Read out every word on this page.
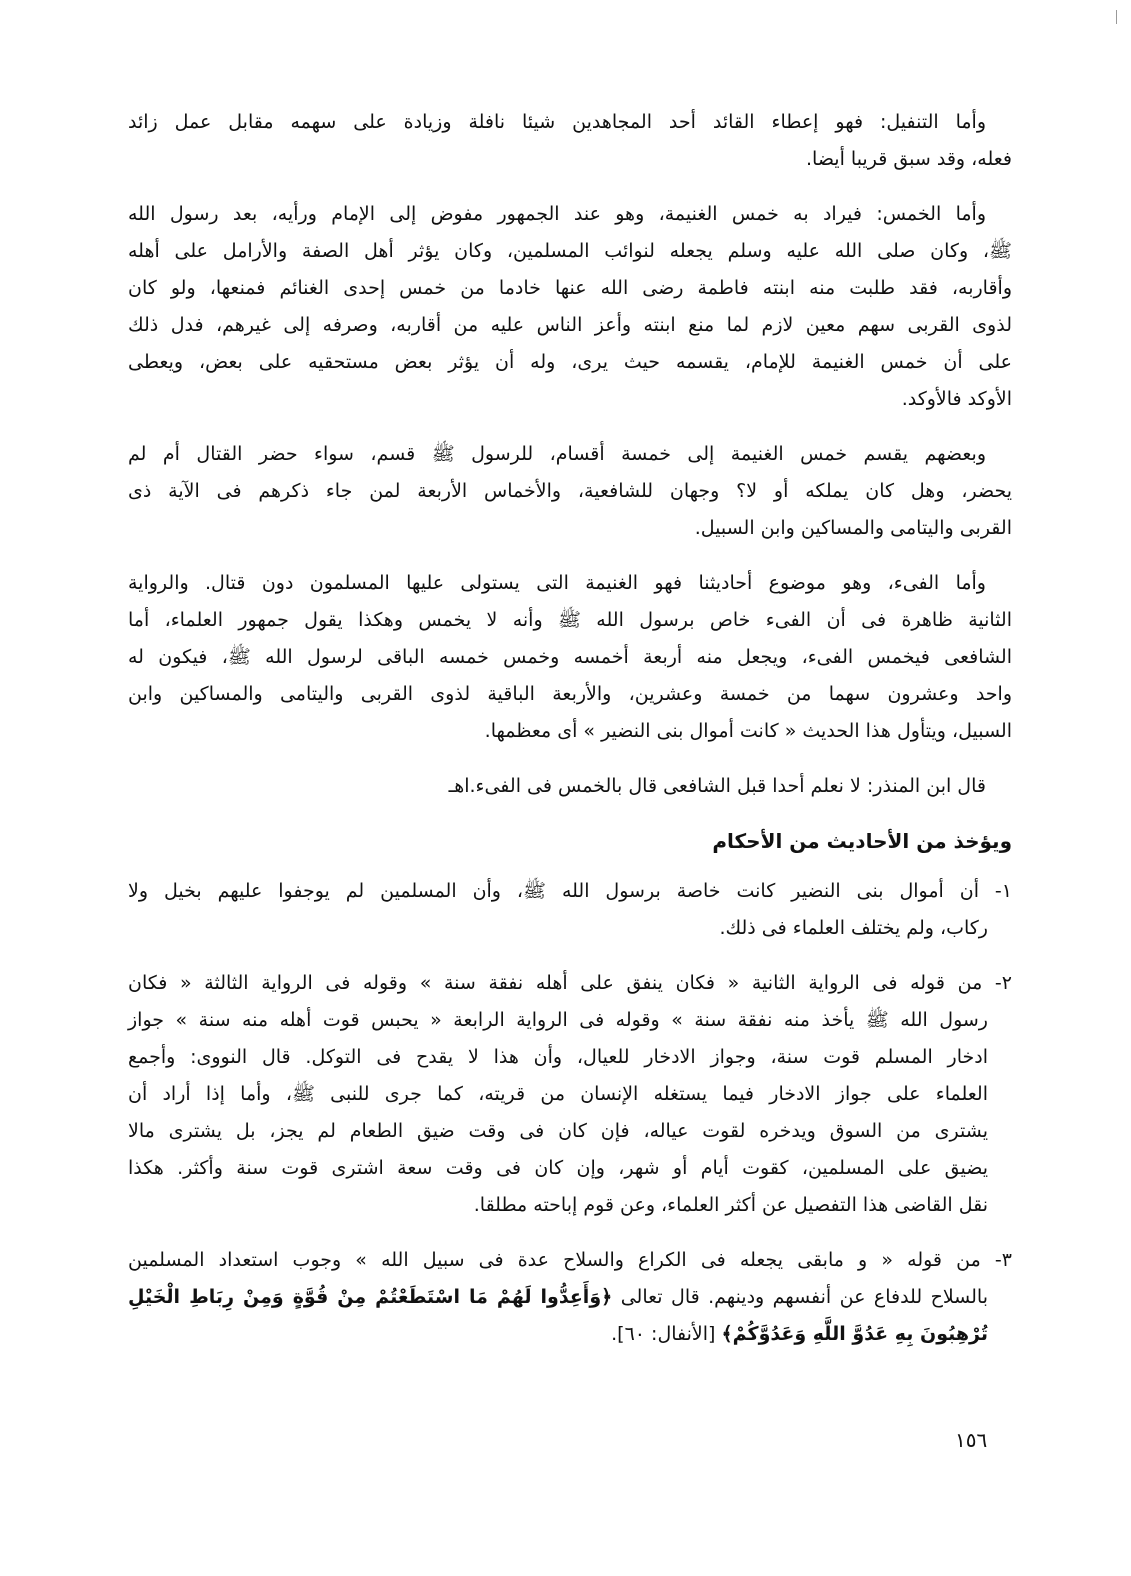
وأما التنفيل: فهو إعطاء القائد أحد المجاهدين شيئا نافلة وزيادة على سهمه مقابل عمل زائد
فعله، وقد سبق قريبا أيضا.
وأما الخمس: فيراد به خمس الغنيمة، وهو عند الجمهور مفوض إلى الإمام ورأيه، بعد رسول الله
ﷺ، وكان صلى الله عليه وسلم يجعله لنوائب المسلمين، وكان يؤثر أهل الصفة والأرامل على أهله
وأقاربه، فقد طلبت منه ابنته فاطمة رضى الله عنها خادما من خمس إحدى الغنائم فمنعها، ولو كان
لذوى القربى سهم معين لازم لما منع ابنته وأعز الناس عليه من أقاربه، وصرفه إلى غيرهم، فدل ذلك
على أن خمس الغنيمة للإمام، يقسمه حيث يرى، وله أن يؤثر بعض مستحقيه على بعض، ويعطى
الأوكد فالأوكد.
وبعضهم يقسم خمس الغنيمة إلى خمسة أقسام، للرسول ﷺ قسم، سواء حضر القتال أم لم
يحضر، وهل كان يملكه أو لا؟ وجهان للشافعية، والأخماس الأربعة لمن جاء ذكرهم فى الآية ذى
القربى واليتامى والمساكين وابن السبيل.
وأما الفىء، وهو موضوع أحاديثنا فهو الغنيمة التى يستولى عليها المسلمون دون قتال. والرواية
الثانية ظاهرة فى أن الفىء خاص برسول الله ﷺ وأنه لا يخمس وهكذا يقول جمهور العلماء، أما
الشافعى فيخمس الفىء، ويجعل منه أربعة أخمسه وخمس خمسه الباقى لرسول الله ﷺ، فيكون له
واحد وعشرون سهما من خمسة وعشرين، والأربعة الباقية لذوى القربى واليتامى والمساكين وابن
السبيل، ويتأول هذا الحديث « كانت أموال بنى النضير » أى معظمها.
قال ابن المنذر: لا نعلم أحدا قبل الشافعى قال بالخمس فى الفىء.اهـ
ويؤخذ من الأحاديث من الأحكام
١- أن أموال بنى النضير كانت خاصة برسول الله ﷺ، وأن المسلمين لم يوجفوا عليهم بخيل ولا
ركاب، ولم يختلف العلماء فى ذلك.
٢- من قوله فى الرواية الثانية « فكان ينفق على أهله نفقة سنة » وقوله فى الرواية الثالثة « فكان
رسول الله ﷺ يأخذ منه نفقة سنة » وقوله فى الرواية الرابعة « يحبس قوت أهله منه سنة » جواز
ادخار المسلم قوت سنة، وجواز الادخار للعيال، وأن هذا لا يقدح فى التوكل. قال النووى: وأجمع
العلماء على جواز الادخار فيما يستغله الإنسان من قريته، كما جرى للنبى ﷺ، وأما إذا أراد أن
يشترى من السوق ويدخره لقوت عياله، فإن كان فى وقت ضيق الطعام لم يجز، بل يشترى مالا
يضيق على المسلمين، كقوت أيام أو شهر، وإن كان فى وقت سعة اشترى قوت سنة وأكثر. هكذا
نقل القاضى هذا التفصيل عن أكثر العلماء، وعن قوم إباحته مطلقا.
٣- من قوله « و مابقى يجعله فى الكراع والسلاح عدة فى سبيل الله » وجوب استعداد المسلمين
بالسلاح للدفاع عن أنفسهم ودينهم. قال تعالى ﴿وَأَعِدُّوا لَهُمْ مَا اسْتَطَعْتُمْ مِنْ قُوَّةٍ وَمِنْ رِبَاطِ الْخَيْلِ
تُرْهِبُونَ بِهِ عَدُوَّ اللَّهِ وَعَدُوَّكُمْ﴾ [الأنفال: ٦٠].
١٥٦
